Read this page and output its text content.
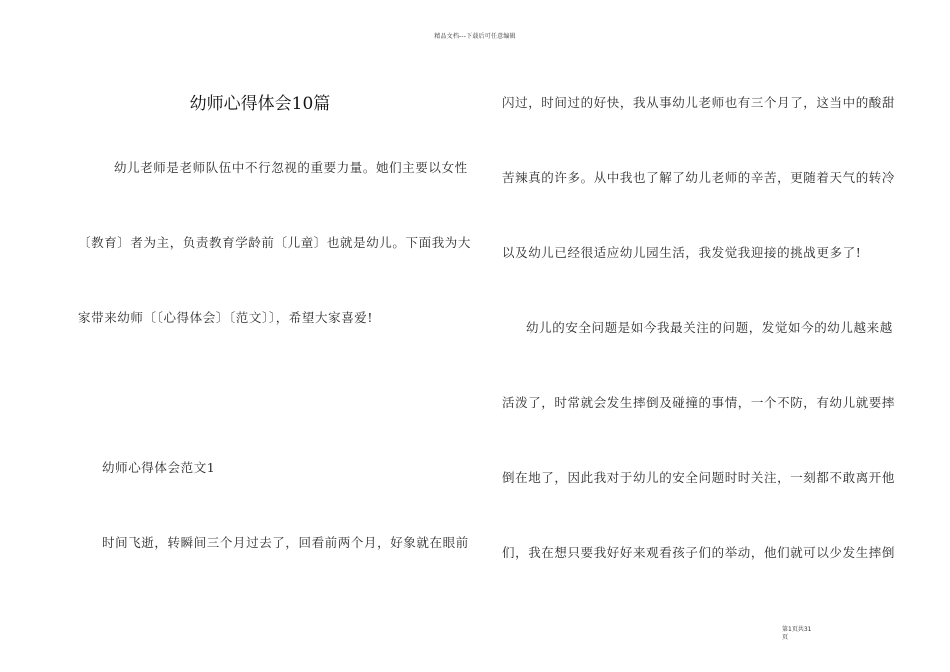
精品文档---下载后可任意编辑
幼师心得体会10篇
幼儿老师是老师队伍中不行忽视的重要力量。她们主要以女性
〔教育〕者为主，负责教育学龄前〔儿童〕也就是幼儿。下面我为大
家带来幼师〔〔心得体会〕〔范文〕〕，希望大家喜爱!
幼师心得体会范文1
时间飞逝，转瞬间三个月过去了，回看前两个月，好象就在眼前
闪过，时间过的好快，我从事幼儿老师也有三个月了，这当中的酸甜
苦辣真的许多。从中我也了解了幼儿老师的辛苦，更随着天气的转冷
以及幼儿已经很适应幼儿园生活，我发觉我迎接的挑战更多了!
幼儿的安全问题是如今我最关注的问题，发觉如今的幼儿越来越
活泼了，时常就会发生摔倒及碰撞的事情，一个不防，有幼儿就要摔
倒在地了，因此我对于幼儿的安全问题时时关注，一刻都不敢离开他
们，我在想只要我好好来观看孩子们的举动，他们就可以少发生摔倒
第1页共31
页
